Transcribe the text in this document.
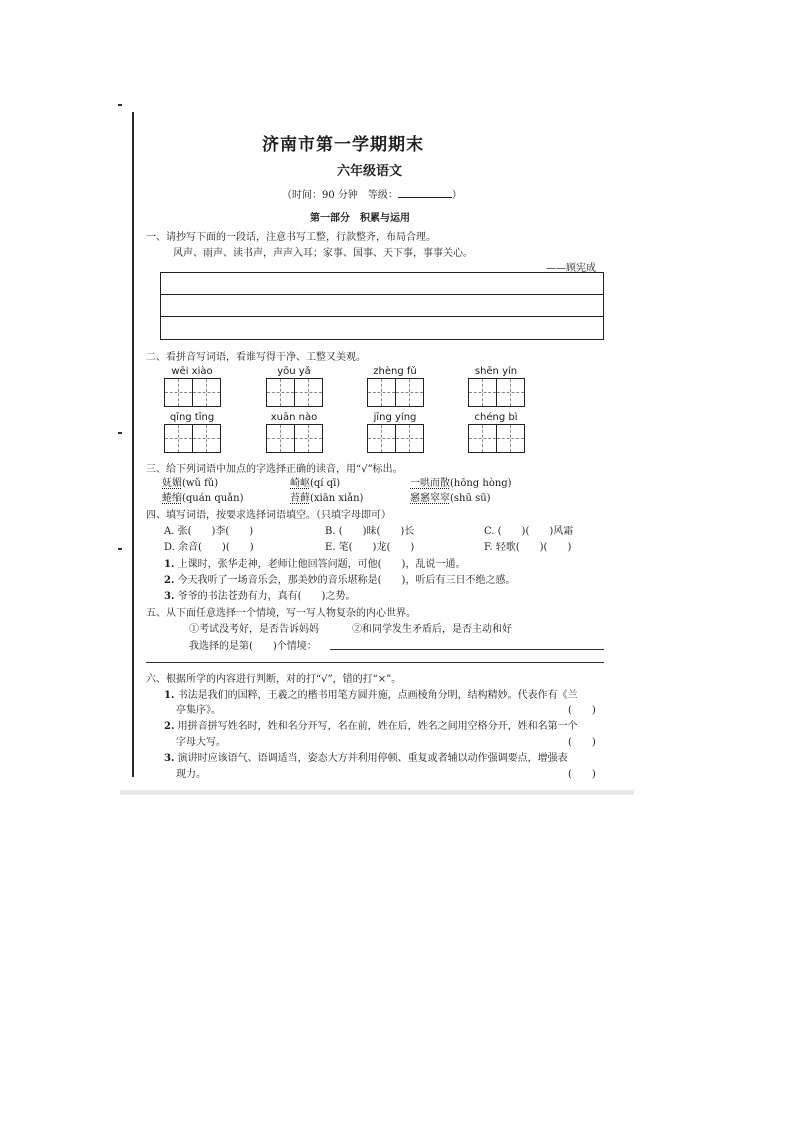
济南市第一学期期末
六年级语文
（时间：90 分钟　等级：	）
第一部分　积累与运用
一、请抄写下面的一段话，注意书写工整，行款整齐，布局合理。
风声、雨声、读书声，声声入耳；家事、国事、天下事，事事关心。
——顾宪成
二、看拼音写词语，看谁写得干净、工整又美观。
wēi xiào	yōu yǎ	zhèng fǔ	shēn yín
qīng tīng	xuān nào	jīng yíng	chéng bì
三、给下列词语中加点的字选择正确的读音，用“√”标出。
妩媚(wǔ fǔ)	崎岖(qí qī)	一哄而散(hōng hòng)
蜷缩(quán quǎn)	苔藓(xiān xiǎn)	窸窸窣窣(shū sū)
四、填写词语，按要求选择词语填空。（只填字母即可）
A. 张(　　)李(　　)	B. (　　)昧(　　)长	C. (　　)(　　)风霜
D. 余音(　　)(　　)	E. 笔(　　)龙(　　)	F. 轻歌(　　)(　　)
1. 上课时，张华走神，老师让他回答问题，可他(　　)，乱说一通。
2. 今天我听了一场音乐会，那美妙的音乐堪称是(　　)，听后有三日不绝之感。
3. 爷爷的书法苍劲有力，真有(　　)之势。
五、从下面任意选择一个情境，写一写人物复杂的内心世界。
①考试没考好，是否告诉妈妈	②和同学发生矛盾后，是否主动和好
我选择的是第(　　)个情境：
六、根据所学的内容进行判断，对的打“√”，错的打“×”。
1. 书法是我们的国粹，王羲之的楷书用笔方圆并施，点画棱角分明，结构精妙。代表作有《兰
亭集序》。	(　　)
2. 用拼音拼写姓名时，姓和名分开写，名在前，姓在后，姓名之间用空格分开，姓和名第一个
字母大写。	(　　)
3. 演讲时应该语气、语调适当，姿态大方并利用停顿、重复或者辅以动作强调要点，增强表
现力。	(　　)
